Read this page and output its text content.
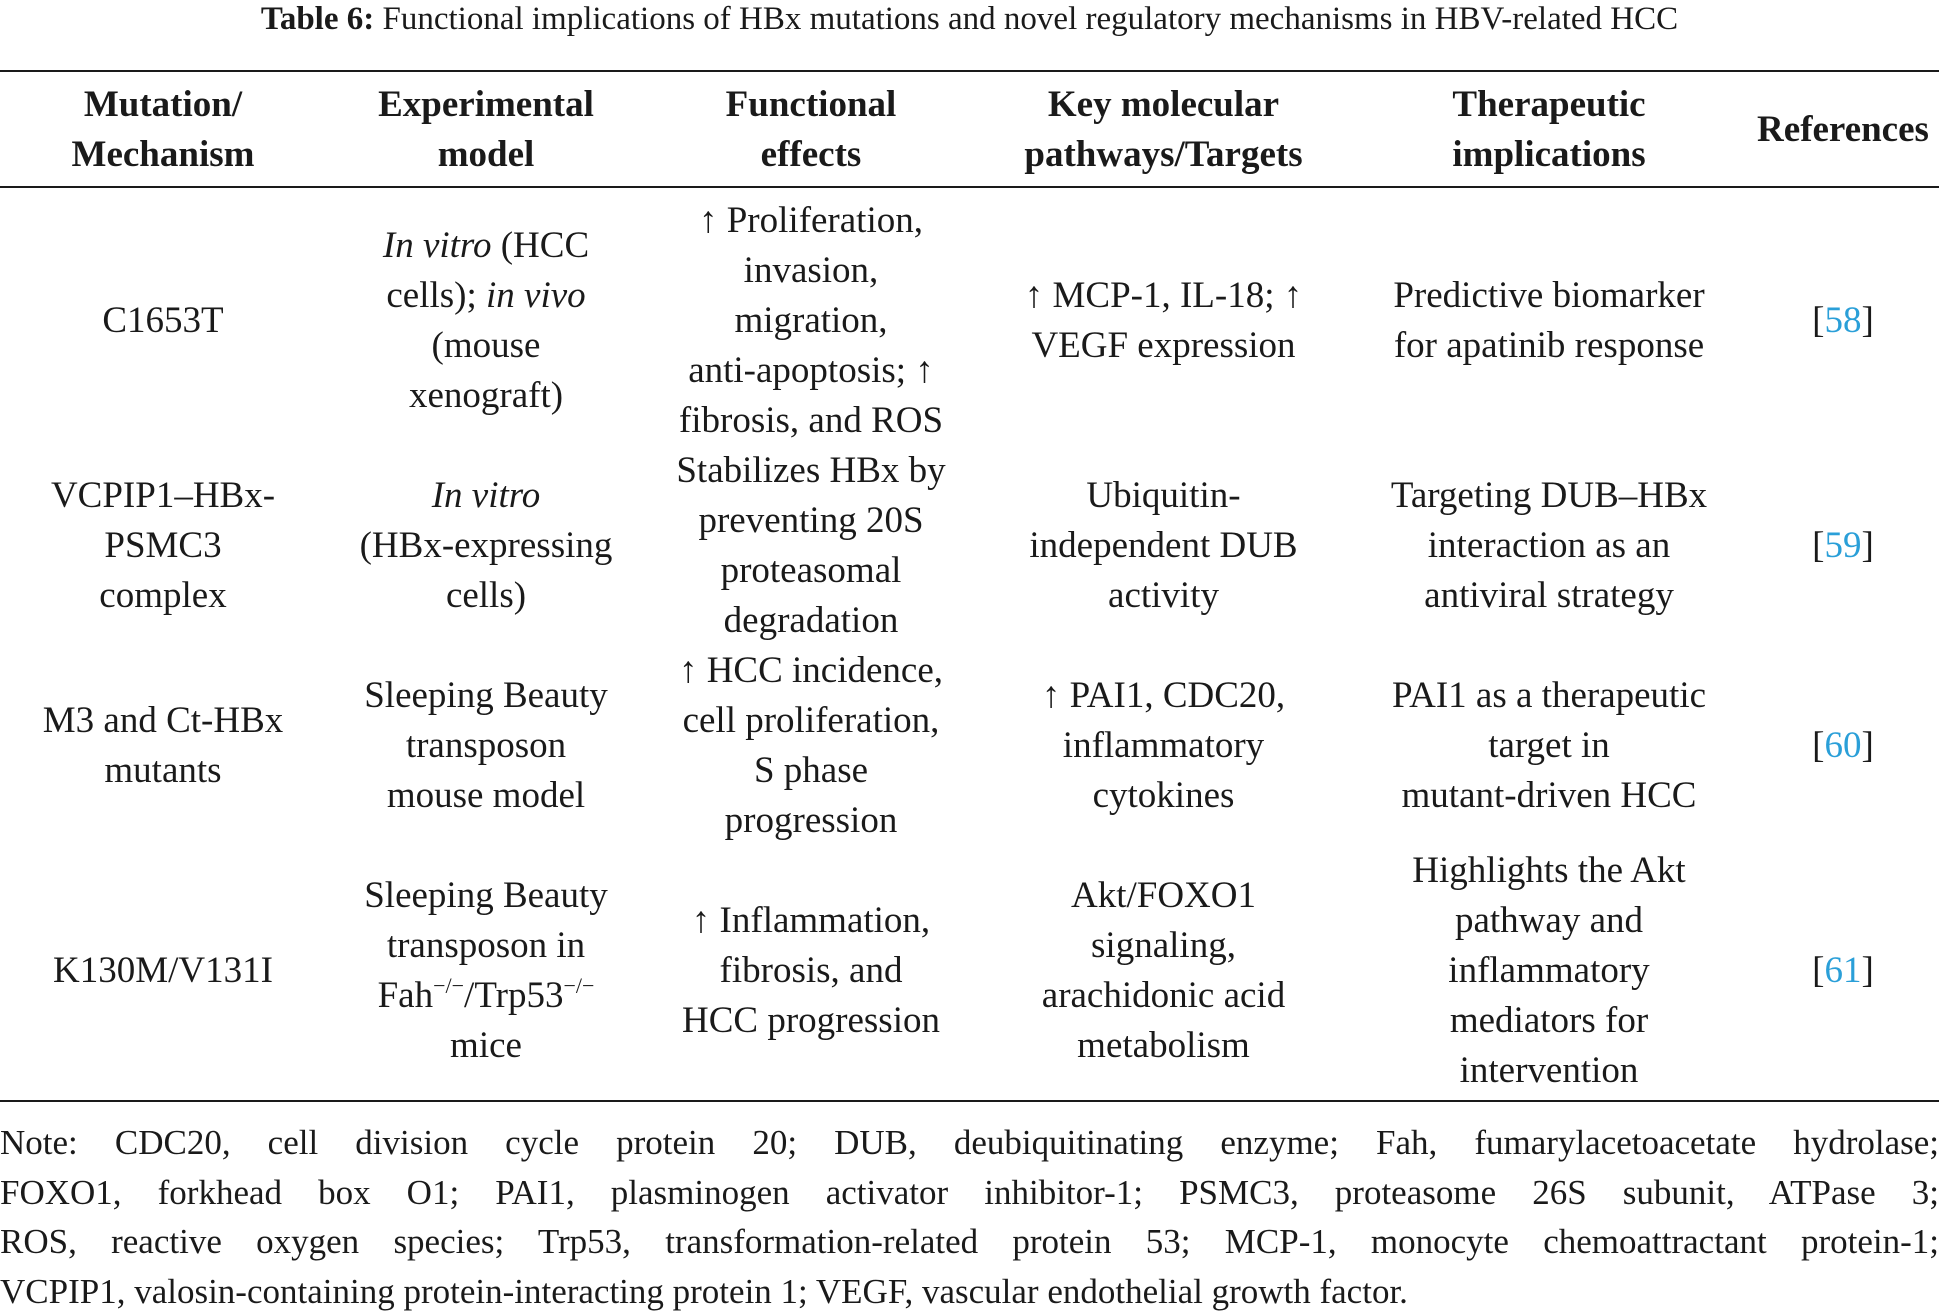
Table 6: Functional implications of HBx mutations and novel regulatory mechanisms in HBV-related HCC
Mutation/
Mechanism
Experimental
model
Functional
effects
Key molecular
pathways/Targets
Therapeutic
implications
References
C1653T
In vitro (HCC
cells); in vivo
(mouse
xenograft)
↑ Proliferation,
invasion,
migration,
anti-apoptosis; ↑
fibrosis, and ROS
↑ MCP-1, IL-18; ↑
VEGF expression
Predictive biomarker
for apatinib response
[58]
VCPIP1–HBx-
PSMC3
complex
In vitro
(HBx-expressing
cells)
Stabilizes HBx by
preventing 20S
proteasomal
degradation
Ubiquitin-
independent DUB
activity
Targeting DUB–HBx
interaction as an
antiviral strategy
[59]
M3 and Ct-HBx
mutants
Sleeping Beauty
transposon
mouse model
↑ HCC incidence,
cell proliferation,
S phase
progression
↑ PAI1, CDC20,
inflammatory
cytokines
PAI1 as a therapeutic
target in
mutant-driven HCC
[60]
K130M/V131I
Sleeping Beauty
transposon in
Fah−/−/Trp53−/−
mice
↑ Inflammation,
fibrosis, and
HCC progression
Akt/FOXO1
signaling,
arachidonic acid
metabolism
Highlights the Akt
pathway and
inflammatory
mediators for
intervention
[61]
Note: CDC20, cell division cycle protein 20; DUB, deubiquitinating enzyme; Fah, fumarylacetoacetate hydrolase;
FOXO1, forkhead box O1; PAI1, plasminogen activator inhibitor-1; PSMC3, proteasome 26S subunit, ATPase 3;
ROS, reactive oxygen species; Trp53, transformation-related protein 53; MCP-1, monocyte chemoattractant protein-1;
VCPIP1, valosin-containing protein-interacting protein 1; VEGF, vascular endothelial growth factor.
